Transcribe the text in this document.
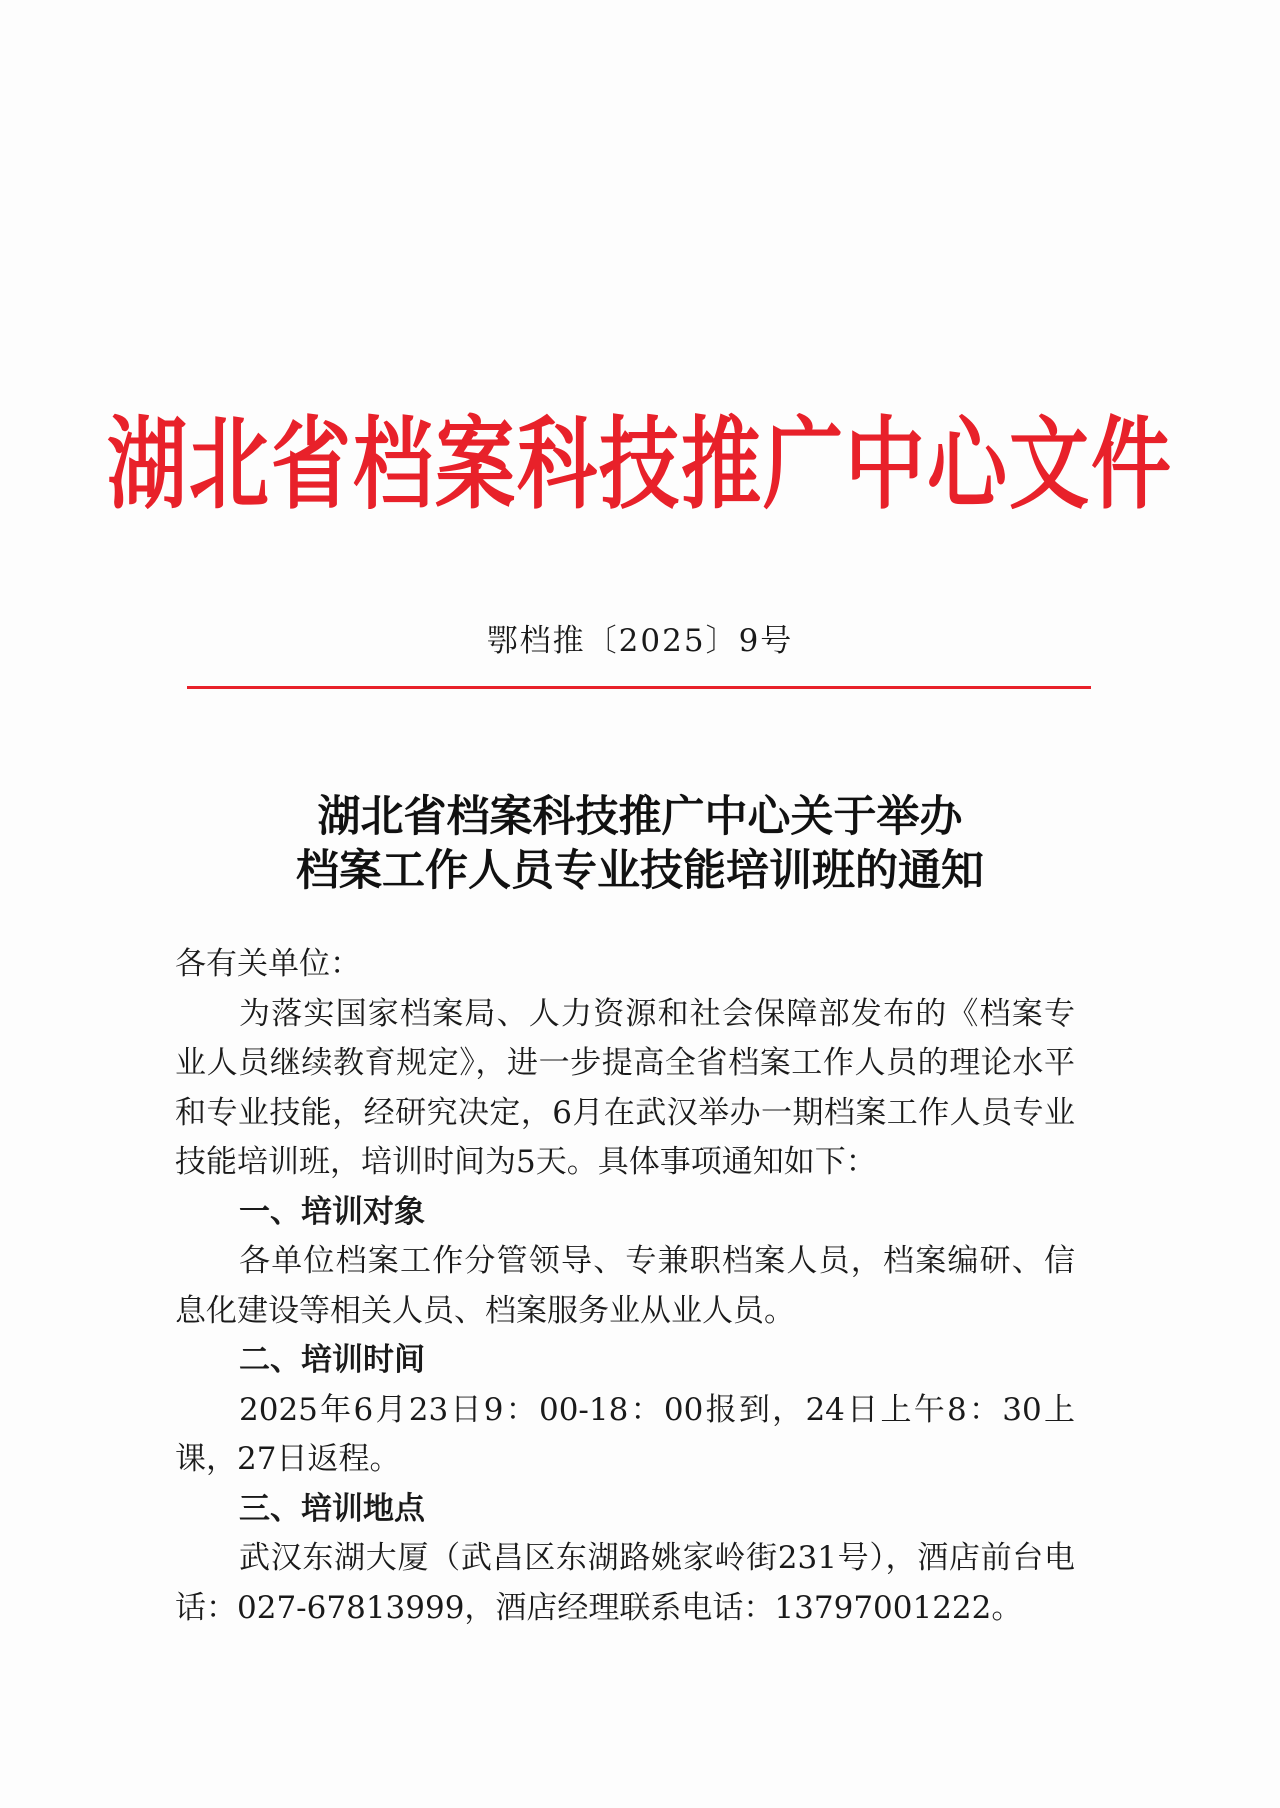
湖北省档案科技推广中心文件
鄂档推〔2025〕9号
湖北省档案科技推广中心关于举办
档案工作人员专业技能培训班的通知

各有关单位：

为落实国家档案局、人力资源和社会保障部发布的《档案专业人员继续教育规定》，进一步提高全省档案工作人员的理论水平和专业技能，经研究决定，6月在武汉举办一期档案工作人员专业技能培训班，培训时间为5天。具体事项通知如下：

一、培训对象

各单位档案工作分管领导、专兼职档案人员，档案编研、信息化建设等相关人员、档案服务业从业人员。

二、培训时间

2025年6月23日9：00-18：00报到，24日上午8：30上课，27日返程。

三、培训地点

武汉东湖大厦（武昌区东湖路姚家岭街231号），酒店前台电话：027-67813999，酒店经理联系电话：13797001222。
